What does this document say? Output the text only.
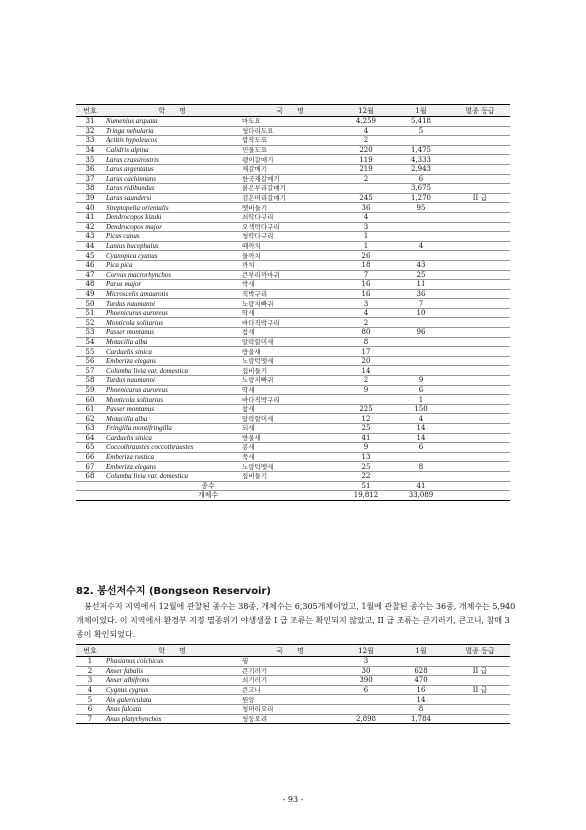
번호	학　　명	국　　명	12월	1월	멸종 등급
31	Numenius arquata	마도요	4,259	5,418	
32	Tringa nebularia	청다리도요	4	5	
33	Actitis hypoleucos	깝작도요	2		
34	Calidris alpina	민물도요	220	1,475	
35	Larus crassirostris	괭이갈매기	119	4,333	
36	Larus argentatus	재갈매기	219	2,943	
37	Larus cachinnans	한국재갈매기	2	6	
38	Larus ridibundus	붉은부리갈매기		3,675	
39	Larus saundersi	검은머리갈매기	245	1,270	II 급
40	Streptopelia orientalis	멧비둘기	36	95	
41	Dendrocopos kizuki	쇠딱다구리	4		
42	Dendrocopos major	오색딱다구리	3		
43	Picus canus	청딱다구리	1		
44	Lanius bucephalus	때까치	1	4	
45	Cyanopica cyanus	물까치	26		
46	Pica pica	까치	18	43	
47	Corvus macrorhynchos	큰부리까마귀	7	25	
48	Parus major	박새	16	11	
49	Microscelis amaurotis	직박구리	16	36	
50	Turdus naumanni	노랑지빠귀	3	7	
51	Phoenicurus auroreus	딱새	4	10	
52	Monticola solitarius	바다직박구리	2		
53	Passer montanus	참새	80	96	
54	Motacilla alba	알락할미새	8		
55	Carduelis sinica	방울새	17		
56	Emberiza elegans	노랑턱멧새	20		
57	Columba livia var. domestica	집비둘기	14		
58	Turdus naumanni	노랑지빠귀	2	9	
59	Phoenicurus auroreus	딱새	9	6	
60	Monticola solitarius	바다직박구리		1	
61	Passer montanus	참새	225	150	
62	Motacilla alba	알락할미새	12	4	
63	Fringilla montifringilla	되새	25	14	
64	Carduelis sinica	방울새	41	14	
65	Coccothraustes coccothraustes	콩새	9	6	
66	Emberiza rustica	쑥새	13		
67	Emberiza elegans	노랑턱멧새	25	8	
68	Columba livia var. domestica	집비둘기	22		
종수			51	41	
개체수			19,812	33,089	
82. 봉선저수지 (Bongseon Reservoir)
봉선저수지 지역에서 12월에 관찰된 종수는 38종, 개체수는 6,305개체이었고, 1월에 관찰된 종수는 36종, 개체수는 5,940개체이었다. 이 지역에서 환경부 지정 멸종위기 야생생물 I 급 조류는 확인되지 않았고, II 급 조류는 큰기러기, 큰고니, 참매 3종이 확인되었다.
번호	학　　명	국　　명	12월	1월	멸종 등급
1	Phasianus colchicus	꿩	3		
2	Anser fabalis	큰기러기	30	628	II 급
3	Anser albifrons	쇠기러기	390	470	
4	Cygnus cygnus	큰고니	6	16	II 급
5	Aix galericulata	원앙		14	
6	Anas falcata	청머리오리		8	
7	Anas platyrhynchos	청둥오리	2,898	1,784	
- 93 -
